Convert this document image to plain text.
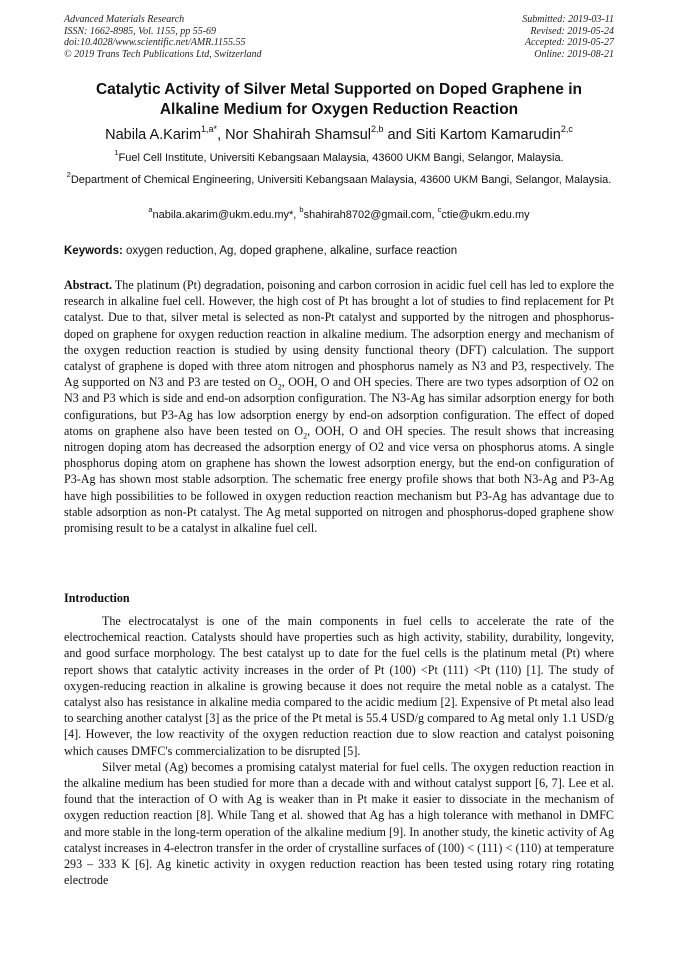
Advanced Materials Research
ISSN: 1662-8985, Vol. 1155, pp 55-69
doi:10.4028/www.scientific.net/AMR.1155.55
© 2019 Trans Tech Publications Ltd, Switzerland
Submitted: 2019-03-11
Revised: 2019-05-24
Accepted: 2019-05-27
Online: 2019-08-21
Catalytic Activity of Silver Metal Supported on Doped Graphene in
Alkaline Medium for Oxygen Reduction Reaction
Nabila A.Karim$^{1,a*}$, Nor Shahirah Shamsul$^{2,b}$ and Siti Kartom Kamarudin$^{2,c}$
$^1$Fuel Cell Institute, Universiti Kebangsaan Malaysia, 43600 UKM Bangi, Selangor, Malaysia.
$^2$Department of Chemical Engineering, Universiti Kebangsaan Malaysia, 43600 UKM Bangi, Selangor, Malaysia.
$^a$nabila.akarim@ukm.edu.my*, $^b$shahirah8702@gmail.com, $^c$ctie@ukm.edu.my
Keywords: oxygen reduction, Ag, doped graphene, alkaline, surface reaction
Abstract. The platinum (Pt) degradation, poisoning and carbon corrosion in acidic fuel cell has led to explore the research in alkaline fuel cell. However, the high cost of Pt has brought a lot of studies to find replacement for Pt catalyst. Due to that, silver metal is selected as non-Pt catalyst and supported by the nitrogen and phosphorus-doped on graphene for oxygen reduction reaction in alkaline medium. The adsorption energy and mechanism of the oxygen reduction reaction is studied by using density functional theory (DFT) calculation. The support catalyst of graphene is doped with three atom nitrogen and phosphorus namely as N3 and P3, respectively. The Ag supported on N3 and P3 are tested on $O_2$, OOH, O and OH species. There are two types adsorption of O2 on N3 and P3 which is side and end-on adsorption configuration. The N3-Ag has similar adsorption energy for both configurations, but P3-Ag has low adsorption energy by end-on adsorption configuration. The effect of doped atoms on graphene also have been tested on $O_2$, OOH, O and OH species. The result shows that increasing nitrogen doping atom has decreased the adsorption energy of O2 and vice versa on phosphorus atoms. A single phosphorus doping atom on graphene has shown the lowest adsorption energy, but the end-on configuration of P3-Ag has shown most stable adsorption. The schematic free energy profile shows that both N3-Ag and P3-Ag have high possibilities to be followed in oxygen reduction reaction mechanism but P3-Ag has advantage due to stable adsorption as non-Pt catalyst. The Ag metal supported on nitrogen and phosphorus-doped graphene show promising result to be a catalyst in alkaline fuel cell.
Introduction

The electrocatalyst is one of the main components in fuel cells to accelerate the rate of the electrochemical reaction. Catalysts should have properties such as high activity, stability, durability, longevity, and good surface morphology. The best catalyst up to date for the fuel cells is the platinum metal (Pt) where report shows that catalytic activity increases in the order of Pt (100) <Pt (111) <Pt (110) [1]. The study of oxygen-reducing reaction in alkaline is growing because it does not require the metal noble as a catalyst. The catalyst also has resistance in alkaline media compared to the acidic medium [2]. Expensive of Pt metal also lead to searching another catalyst [3] as the price of the Pt metal is 55.4 USD/g compared to Ag metal only 1.1 USD/g [4]. However, the low reactivity of the oxygen reduction reaction due to slow reaction and catalyst poisoning which causes DMFC's commercialization to be disrupted [5].

Silver metal (Ag) becomes a promising catalyst material for fuel cells. The oxygen reduction reaction in the alkaline medium has been studied for more than a decade with and without catalyst support [6, 7]. Lee et al. found that the interaction of O with Ag is weaker than in Pt make it easier to dissociate in the mechanism of oxygen reduction reaction [8]. While Tang et al. showed that Ag has a high tolerance with methanol in DMFC and more stable in the long-term operation of the alkaline medium [9]. In another study, the kinetic activity of Ag catalyst increases in 4-electron transfer in the order of crystalline surfaces of (100) < (111) < (110) at temperature 293 – 333 K [6]. Ag kinetic activity in oxygen reduction reaction has been tested using rotary ring rotating electrode
